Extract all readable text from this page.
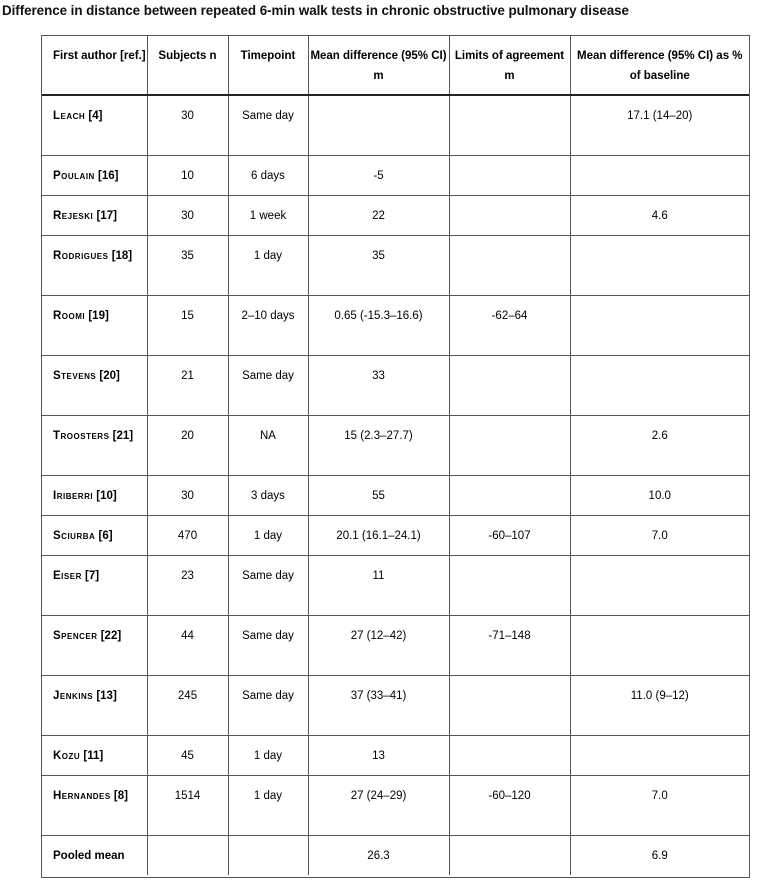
Difference in distance between repeated 6-min walk tests in chronic obstructive pulmonary disease
First author [ref.]	Subjects n	Timepoint	Mean difference (95% CI) m	Limits of agreement m	Mean difference (95% CI) as % of baseline
Leach [4]	30	Same day			17.1 (14–20)
Poulain [16]	10	6 days	-5		
Rejeski [17]	30	1 week	22		4.6
Rodrigues [18]	35	1 day	35		
Roomi [19]	15	2–10 days	0.65 (-15.3–16.6)	-62–64	
Stevens [20]	21	Same day	33		
Troosters [21]	20	NA	15 (2.3–27.7)		2.6
Iriberri [10]	30	3 days	55		10.0
Sciurba [6]	470	1 day	20.1 (16.1–24.1)	-60–107	7.0
Eiser [7]	23	Same day	11		
Spencer [22]	44	Same day	27 (12–42)	-71–148	
Jenkins [13]	245	Same day	37 (33–41)		11.0 (9–12)
Kozu [11]	45	1 day	13		
Hernandes [8]	1514	1 day	27 (24–29)	-60–120	7.0
Pooled mean			26.3		6.9
